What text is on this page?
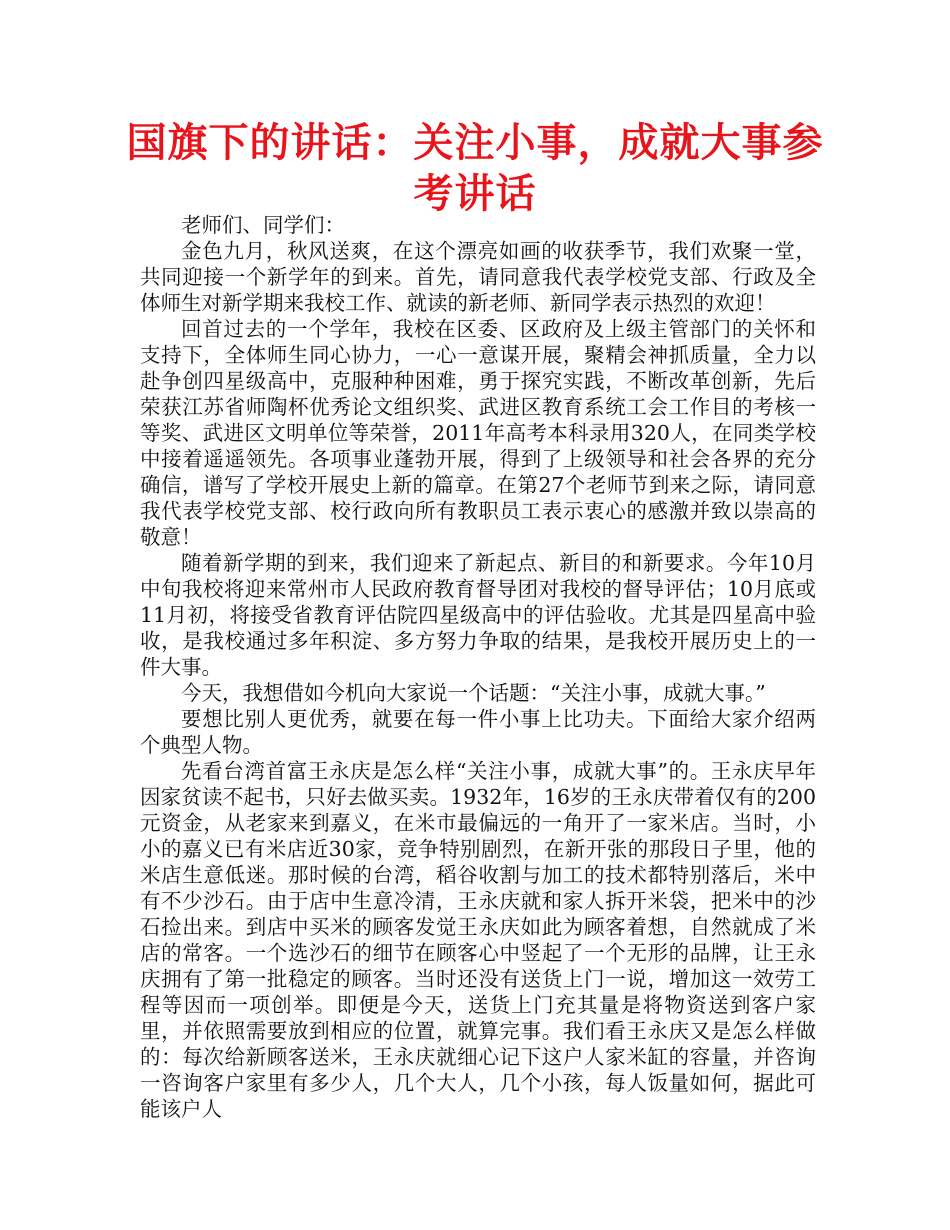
国旗下的讲话：关注小事，成就大事参考讲话

老师们、同学们：

金色九月，秋风送爽，在这个漂亮如画的收获季节，我们欢聚一堂，共同迎接一个新学年的到来。首先，请同意我代表学校党支部、行政及全体师生对新学期来我校工作、就读的新老师、新同学表示热烈的欢迎！

回首过去的一个学年，我校在区委、区政府及上级主管部门的关怀和支持下，全体师生同心协力，一心一意谋开展，聚精会神抓质量，全力以赴争创四星级高中，克服种种困难，勇于探究实践，不断改革创新，先后荣获江苏省师陶杯优秀论文组织奖、武进区教育系统工会工作目的考核一等奖、武进区文明单位等荣誉，2011年高考本科录用320人，在同类学校中接着遥遥领先。各项事业蓬勃开展，得到了上级领导和社会各界的充分确信，谱写了学校开展史上新的篇章。在第27个老师节到来之际，请同意我代表学校党支部、校行政向所有教职员工表示衷心的感激并致以崇高的敬意！

随着新学期的到来，我们迎来了新起点、新目的和新要求。今年10月中旬我校将迎来常州市人民政府教育督导团对我校的督导评估；10月底或11月初，将接受省教育评估院四星级高中的评估验收。尤其是四星高中验收，是我校通过多年积淀、多方努力争取的结果，是我校开展历史上的一件大事。

今天，我想借如今机向大家说一个话题：“关注小事，成就大事。”

要想比别人更优秀，就要在每一件小事上比功夫。下面给大家介绍两个典型人物。

先看台湾首富王永庆是怎么样“关注小事，成就大事”的。王永庆早年因家贫读不起书，只好去做买卖。1932年，16岁的王永庆带着仅有的200元资金，从老家来到嘉义，在米市最偏远的一角开了一家米店。当时，小小的嘉义已有米店近30家，竞争特别剧烈，在新开张的那段日子里，他的米店生意低迷。那时候的台湾，稻谷收割与加工的技术都特别落后，米中有不少沙石。由于店中生意冷清，王永庆就和家人拆开米袋，把米中的沙石捡出来。到店中买米的顾客发觉王永庆如此为顾客着想，自然就成了米店的常客。一个选沙石的细节在顾客心中竖起了一个无形的品牌，让王永庆拥有了第一批稳定的顾客。当时还没有送货上门一说，增加这一效劳工程等因而一项创举。即便是今天，送货上门充其量是将物资送到客户家里，并依照需要放到相应的位置，就算完事。我们看王永庆又是怎么样做的：每次给新顾客送米，王永庆就细心记下这户人家米缸的容量，并咨询一咨询客户家里有多少人，几个大人，几个小孩，每人饭量如何，据此可能该户人
